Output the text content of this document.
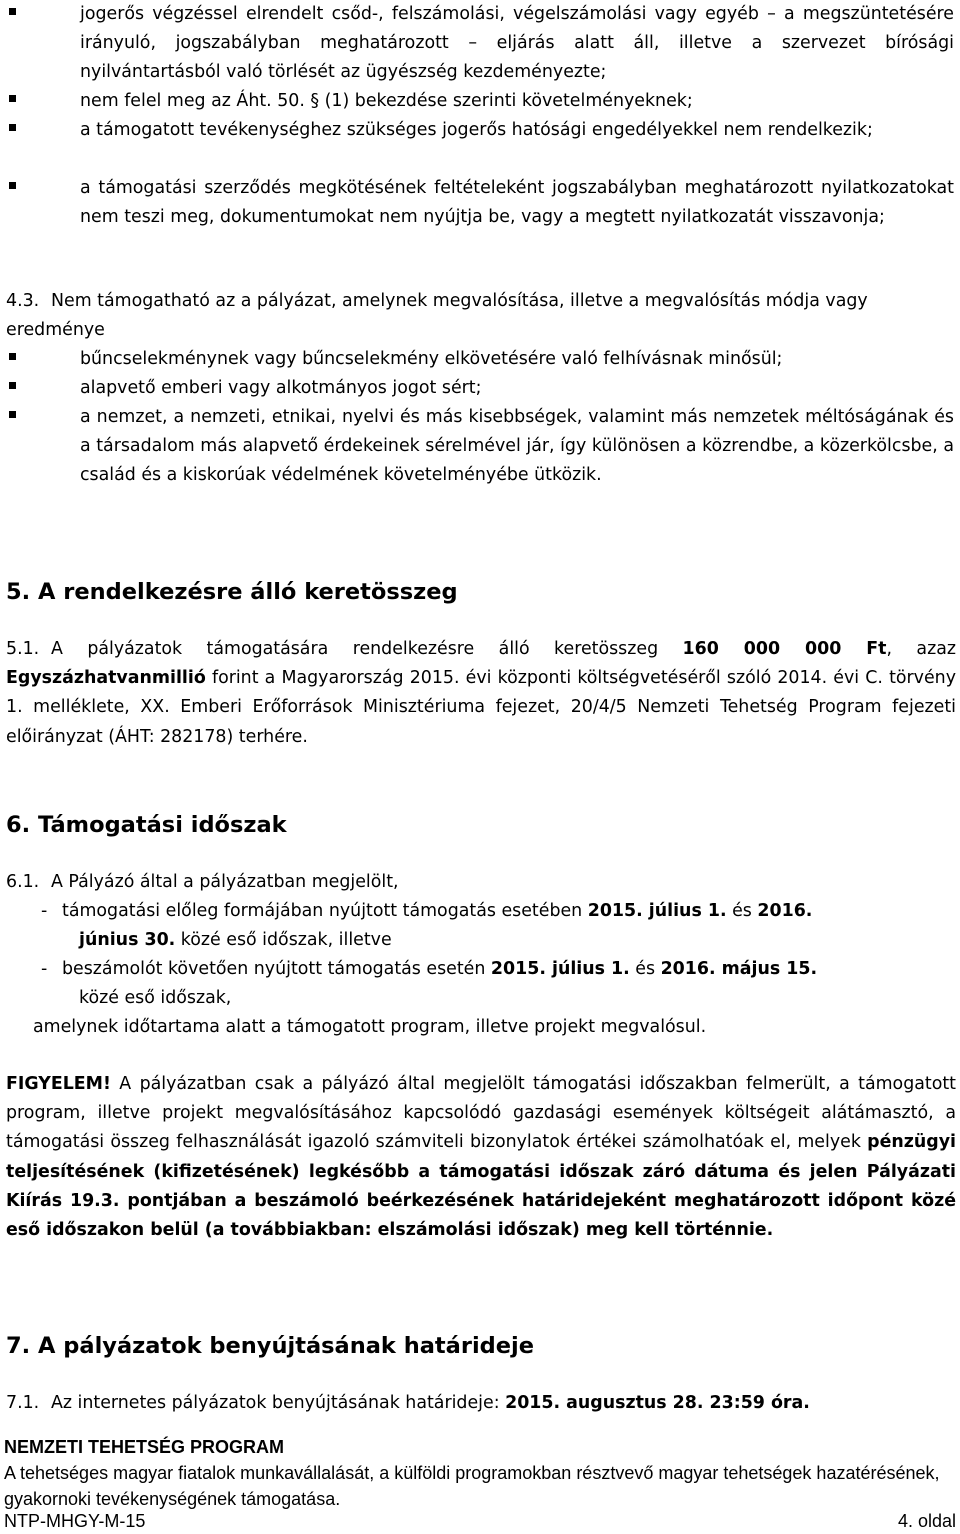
jogerős végzéssel elrendelt csőd-, felszámolási, végelszámolási vagy egyéb – a megszüntetésére irányuló, jogszabályban meghatározott – eljárás alatt áll, illetve a szervezet bírósági nyilvántartásból való törlését az ügyészség kezdeményezte;

nem felel meg az Áht. 50. § (1) bekezdése szerinti követelményeknek;

a támogatott tevékenységhez szükséges jogerős hatósági engedélyekkel nem rendelkezik;

a támogatási szerződés megkötésének feltételeként jogszabályban meghatározott nyilatkozatokat nem teszi meg, dokumentumokat nem nyújtja be, vagy a megtett nyilatkozatát visszavonja;

4.3. Nem támogatható az a pályázat, amelynek megvalósítása, illetve a megvalósítás módja vagy eredménye

bűncselekménynek vagy bűncselekmény elkövetésére való felhívásnak minősül;

alapvető emberi vagy alkotmányos jogot sért;

a nemzet, a nemzeti, etnikai, nyelvi és más kisebbségek, valamint más nemzetek méltóságának és a társadalom más alapvető érdekeinek sérelmével jár, így különösen a közrendbe, a közerkölcsbe, a család és a kiskorúak védelmének követelményébe ütközik.

5. A rendelkezésre álló keretösszeg
5.1. A pályázatok támogatására rendelkezésre álló keretösszeg 160 000 000 Ft, azaz Egyszázhatvanmillió forint a Magyarország 2015. évi központi költségvetéséről szóló 2014. évi C. törvény 1. melléklete, XX. Emberi Erőforrások Minisztériuma fejezet, 20/4/5 Nemzeti Tehetség Program fejezeti előirányzat (ÁHT: 282178) terhére.

6. Támogatási időszak
6.1. A Pályázó által a pályázatban megjelölt,

- támogatási előleg formájában nyújtott támogatás esetében 2015. július 1. és 2016.

június 30. közé eső időszak, illetve

- beszámolót követően nyújtott támogatás esetén 2015. július 1. és 2016. május 15.

közé eső időszak,

amelynek időtartama alatt a támogatott program, illetve projekt megvalósul.

FIGYELEM! A pályázatban csak a pályázó által megjelölt támogatási időszakban felmerült, a támogatott program, illetve projekt megvalósításához kapcsolódó gazdasági események költségeit alátámasztó, a támogatási összeg felhasználását igazoló számviteli bizonylatok értékei számolhatóak el, melyek pénzügyi teljesítésének (kifizetésének) legkésőbb a támogatási időszak záró dátuma és jelen Pályázati Kiírás 19.3. pontjában a beszámoló beérkezésének határidejeként meghatározott időpont közé eső időszakon belül (a továbbiakban: elszámolási időszak) meg kell történnie.

7. A pályázatok benyújtásának határideje
7.1. Az internetes pályázatok benyújtásának határideje: 2015. augusztus 28. 23:59 óra.

NEMZETI TEHETSÉG PROGRAM
A tehetséges magyar fiatalok munkavállalását, a külföldi programokban résztvevő magyar tehetségek hazatérésének, gyakornoki tevékenységének támogatása.
NTP-MHGY-M-15	4. oldal
